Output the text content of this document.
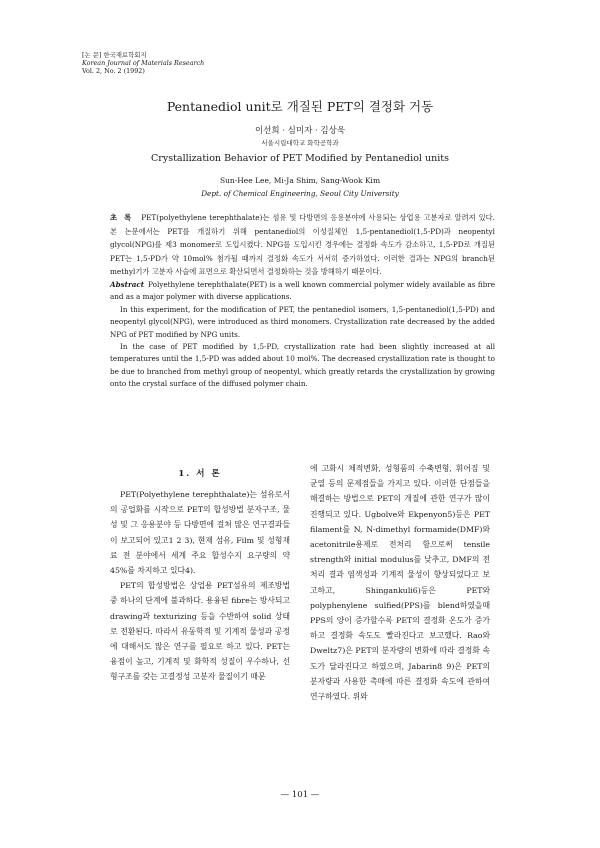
[논 문] 한국재료학회지
Korean Journal of Materials Research
Vol. 2, No. 2 (1992)
Pentanediol unit로 개질된 PET의 결정화 거동
이선희 · 심미자 · 김상욱
서울시립대학교 화학공학과
Crystallization Behavior of PET Modified by Pentanediol units
Sun-Hee Lee, Mi-Ja Shim, Sang-Wook Kim
Dept. of Chemical Engineering, Seoul City University
초 록 PET(polyethylene terephthalate)는 섬유 및 다방면의 응용분야에 사용되는 상업용 고분자로 알려져 있다. 본 논문에서는 PET를 개질하기 위해 pentanediol의 이성질체인 1,5-pentanediol(1,5-PD)과 neopentyl glycol(NPG)를 제3 monomer로 도입시켰다. NPG를 도입시킨 경우에는 결정화 속도가 감소하고, 1,5-PD로 개질된 PET는 1,5-PD가 약 10mol% 첨가될 때까지 결정화 속도가 서서히 증가하였다. 이러한 결과는 NPG의 branch된 methyl기가 고분자 사슬에 표면으로 확산되면서 결정화하는 것을 방해하기 때문이다.

Abstract Polyethylene terephthalate(PET) is a well known commercial polymer widely available as fibre and as a major polymer with diverse applications.

In this experiment, for the modification of PET, the pentanediol isomers, 1,5-pentanediol(1,5-PD) and neopentyl glycol(NPG), were introduced as third monomers. Crystallization rate decreased by the added NPG of PET modified by NPG units.

In the case of PET modified by 1,5-PD, crystallization rate had been slightly increased at all temperatures until the 1,5-PD was added about 10 mol%. The decreased crystallization rate is thought to be due to branched from methyl group of neopentyl, which greatly retards the crystallization by growing onto the crystal surface of the diffused polymer chain.

1. 서 론

PET(Polyethylene terephthalate)는 섬유로서의 공업화를 시작으로 PET의 합성방법 분자구조, 물성 및 그 응용분야 등 다방면에 걸쳐 많은 연구결과들이 보고되어 있고1 2 3), 현재 섬유, Film 및 성형재료 전 분야에서 세계 주요 합성수지 요구량의 약 45%를 차지하고 있다4).

PET의 합성방법은 상업용 PET섬유의 제조방법 중 하나의 단계에 불과하다. 용융된 fibre는 방사되고 drawing과 texturizing 등을 수반하여 solid 상태로 전환된다. 따라서 유동학적 및 기계적 물성과 공정에 대해서도 많은 연구를 필요로 하고 있다. PET는 융점이 높고, 기계적 및 화학적 성질이 우수하나, 선형구조를 갖는 고결정성 고분자 물질이기 때문

에 고화시 체적변화, 성형품의 수축변형, 휘어짐 및 균열 등의 문제점들을 가지고 있다. 이러한 단점들을 해결하는 방법으로 PET의 개질에 관한 연구가 많이 진행되고 있다. Ugbolve와 Ekpenyon5)등은 PET filament를 N, N-dimethyl formamide(DMF)와 acetonitrile용제로 전처리 함으로써 tensile strength와 initial modulus를 낮추고, DMF의 전처리 결과 염색성과 기계적 물성이 향상되었다고 보고하고, Shingankuli6)등은 PET와 polyphenylene sulfied(PPS)를 blend하였을때 PPS의 양이 증가할수록 PET의 결정화 온도가 증가하고 결정화 속도도 빨라진다고 보고했다. Rao와 Dweltz7)은 PET의 분자량의 변화에 따라 결정화 속도가 달라진다고 하였으며, Jabarin8 9)은 PET의 분자량과 사용한 촉매에 따른 결정화 속도에 관하여 연구하였다. 위와

— 101 —
